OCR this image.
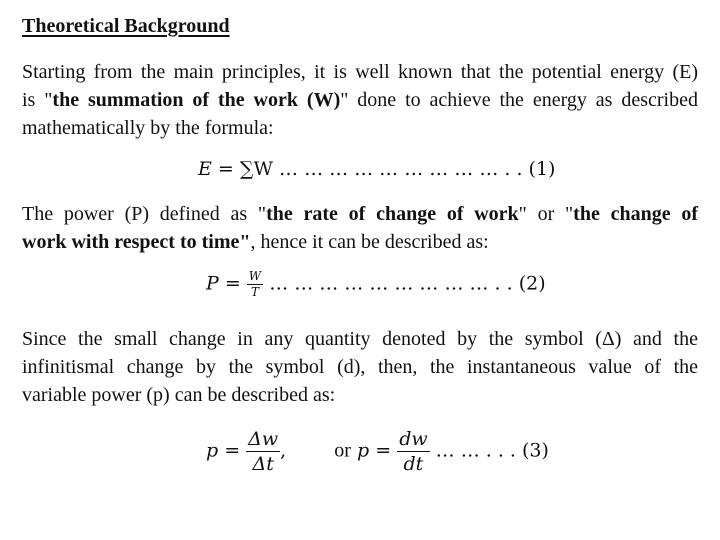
Theoretical Background
Starting from the main principles, it is well known that the potential energy (E)
is "the summation of the work (W)" done to achieve the energy as described
mathematically by the formula:
E = ∑W … … … … … … … … … . . (1)
The power (P) defined as "the rate of change of work" or "the change of
work with respect to time", hence it can be described as:
$P = \frac{W}{T}$ … … … … … … … … … . . (2)
Since the small change in any quantity denoted by the symbol (Δ) and the
infinitismal change by the symbol (d), then, the instantaneous value of the
variable power (p) can be described as:
$p = \frac{\Delta w}{\Delta t}$ , or $p = \frac{dw}{dt}$ … … . . . (3)
